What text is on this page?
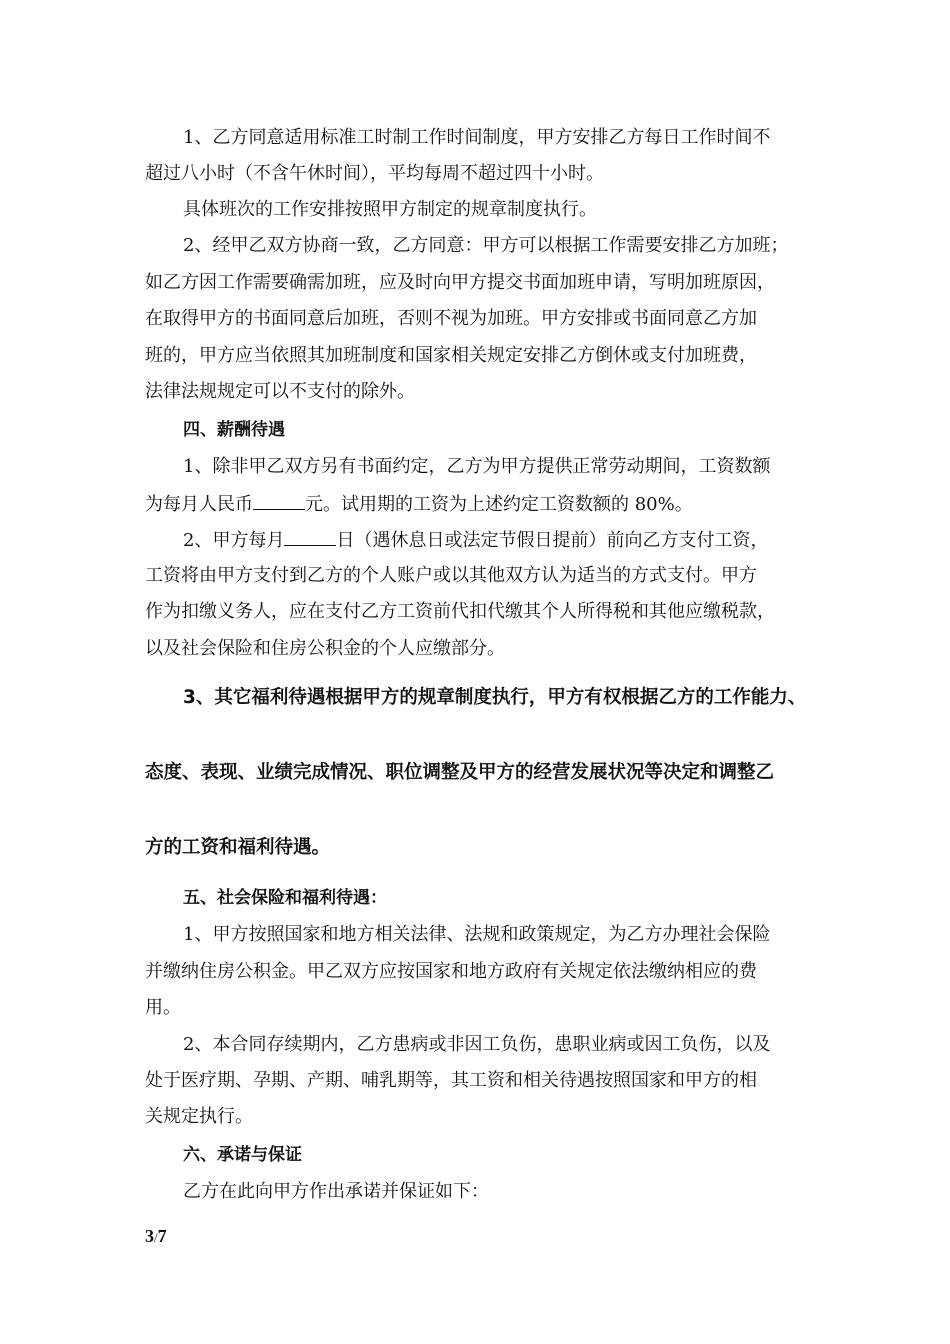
1、乙方同意适用标准工时制工作时间制度，甲方安排乙方每日工作时间不
超过八小时（不含午休时间），平均每周不超过四十小时。
具体班次的工作安排按照甲方制定的规章制度执行。
2、经甲乙双方协商一致，乙方同意：甲方可以根据工作需要安排乙方加班；
如乙方因工作需要确需加班，应及时向甲方提交书面加班申请，写明加班原因，
在取得甲方的书面同意后加班，否则不视为加班。甲方安排或书面同意乙方加
班的，甲方应当依照其加班制度和国家相关规定安排乙方倒休或支付加班费，
法律法规规定可以不支付的除外。
四、薪酬待遇
1、除非甲乙双方另有书面约定，乙方为甲方提供正常劳动期间，工资数额
为每月人民币	元。试用期的工资为上述约定工资数额的 80%。
2、甲方每月	日（遇休息日或法定节假日提前）前向乙方支付工资，
工资将由甲方支付到乙方的个人账户或以其他双方认为适当的方式支付。甲方
作为扣缴义务人，应在支付乙方工资前代扣代缴其个人所得税和其他应缴税款，
以及社会保险和住房公积金的个人应缴部分。
3、其它福利待遇根据甲方的规章制度执行，甲方有权根据乙方的工作能力、
态度、表现、业绩完成情况、职位调整及甲方的经营发展状况等决定和调整乙
方的工资和福利待遇。
五、社会保险和福利待遇：
1、甲方按照国家和地方相关法律、法规和政策规定，为乙方办理社会保险
并缴纳住房公积金。甲乙双方应按国家和地方政府有关规定依法缴纳相应的费
用。
2、本合同存续期内，乙方患病或非因工负伤，患职业病或因工负伤，以及
处于医疗期、孕期、产期、哺乳期等，其工资和相关待遇按照国家和甲方的相
关规定执行。
六、承诺与保证
乙方在此向甲方作出承诺并保证如下：
3/7
